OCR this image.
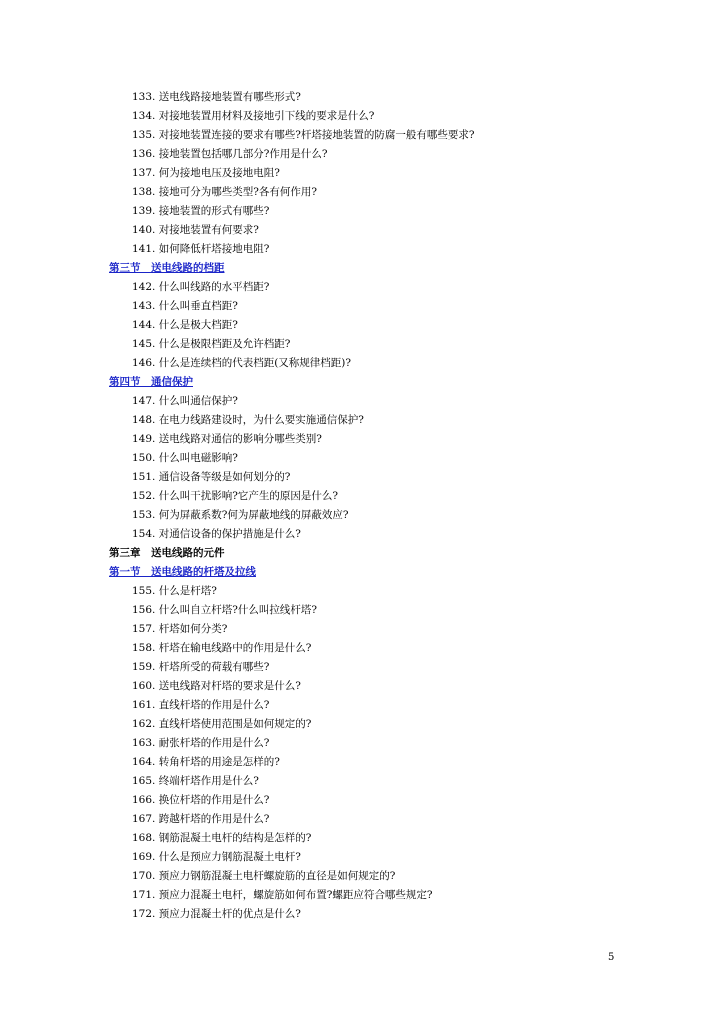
133. 送电线路接地装置有哪些形式?
134. 对接地装置用材料及接地引下线的要求是什么?
135. 对接地装置连接的要求有哪些?杆塔接地装置的防腐一般有哪些要求?
136. 接地装置包括哪几部分?作用是什么?
137. 何为接地电压及接地电阻?
138. 接地可分为哪些类型?各有何作用?
139. 接地装置的形式有哪些?
140. 对接地装置有何要求?
141. 如何降低杆塔接地电阻?
第三节　送电线路的档距
142. 什么叫线路的水平档距?
143. 什么叫垂直档距?
144. 什么是极大档距?
145. 什么是极限档距及允许档距?
146. 什么是连续档的代表档距(又称规律档距)?
第四节　通信保护
147. 什么叫通信保护?
148. 在电力线路建设时，为什么要实施通信保护?
149. 送电线路对通信的影响分哪些类别?
150. 什么叫电磁影响?
151. 通信设备等级是如何划分的?
152. 什么叫干扰影响?它产生的原因是什么?
153. 何为屏蔽系数?何为屏蔽地线的屏蔽效应?
154. 对通信设备的保护措施是什么?
第三章　送电线路的元件
第一节　送电线路的杆塔及拉线
155. 什么是杆塔?
156. 什么叫自立杆塔?什么叫拉线杆塔?
157. 杆塔如何分类?
158. 杆塔在输电线路中的作用是什么?
159. 杆塔所受的荷载有哪些?
160. 送电线路对杆塔的要求是什么?
161. 直线杆塔的作用是什么?
162. 直线杆塔使用范围是如何规定的?
163. 耐张杆塔的作用是什么?
164. 转角杆塔的用途是怎样的?
165. 终端杆塔作用是什么?
166. 换位杆塔的作用是什么?
167. 跨越杆塔的作用是什么?
168. 钢筋混凝土电杆的结构是怎样的?
169. 什么是预应力钢筋混凝土电杆?
170. 预应力钢筋混凝土电杆螺旋筋的直径是如何规定的?
171. 预应力混凝土电杆，螺旋筋如何布置?螺距应符合哪些规定?
172. 预应力混凝土杆的优点是什么?
5
